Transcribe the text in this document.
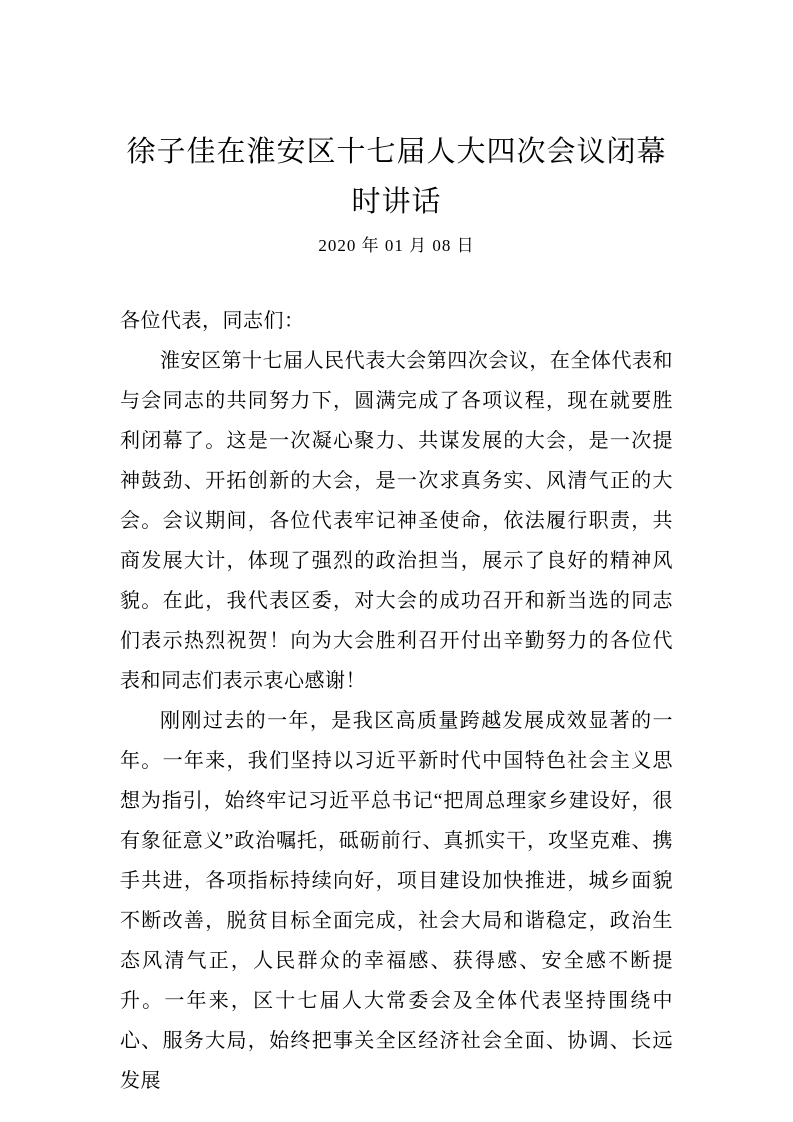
徐子佳在淮安区十七届人大四次会议闭幕时讲话
2020 年 01 月 08 日

各位代表，同志们：

淮安区第十七届人民代表大会第四次会议，在全体代表和与会同志的共同努力下，圆满完成了各项议程，现在就要胜利闭幕了。这是一次凝心聚力、共谋发展的大会，是一次提神鼓劲、开拓创新的大会，是一次求真务实、风清气正的大会。会议期间，各位代表牢记神圣使命，依法履行职责，共商发展大计，体现了强烈的政治担当，展示了良好的精神风貌。在此，我代表区委，对大会的成功召开和新当选的同志们表示热烈祝贺！向为大会胜利召开付出辛勤努力的各位代表和同志们表示衷心感谢！

刚刚过去的一年，是我区高质量跨越发展成效显著的一年。一年来，我们坚持以习近平新时代中国特色社会主义思想为指引，始终牢记习近平总书记“把周总理家乡建设好，很有象征意义”政治嘱托，砥砺前行、真抓实干，攻坚克难、携手共进，各项指标持续向好，项目建设加快推进，城乡面貌不断改善，脱贫目标全面完成，社会大局和谐稳定，政治生态风清气正，人民群众的幸福感、获得感、安全感不断提升。一年来，区十七届人大常委会及全体代表坚持围绕中心、服务大局，始终把事关全区经济社会全面、协调、长远发展
